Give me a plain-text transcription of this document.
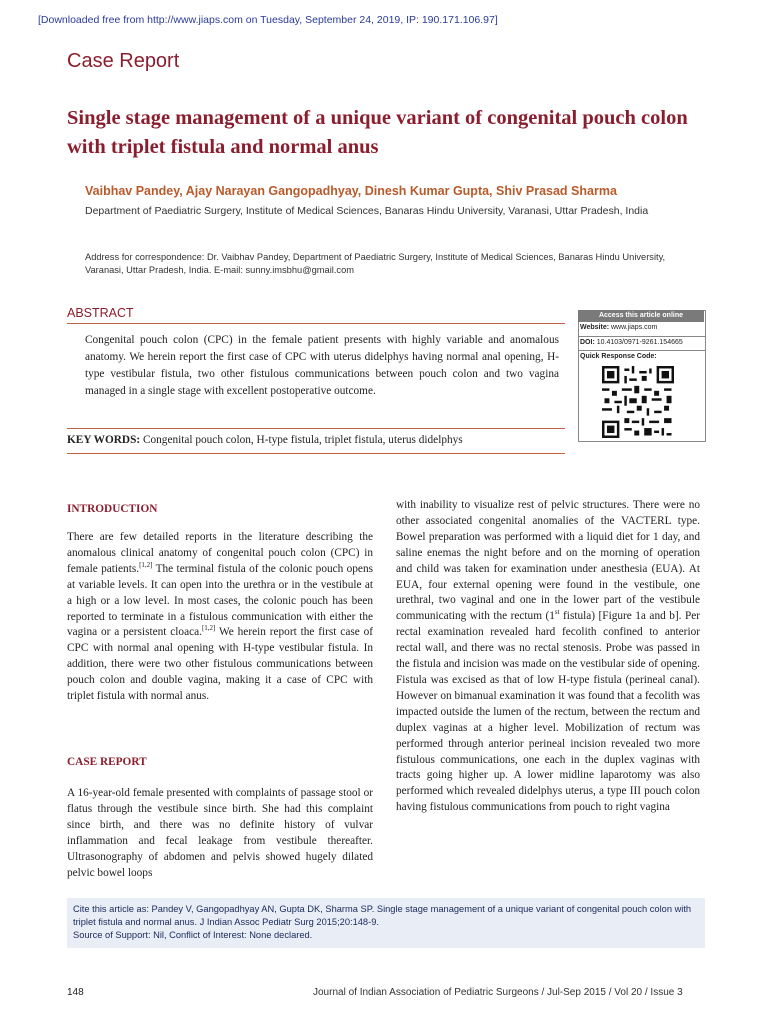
[Downloaded free from http://www.jiaps.com on Tuesday, September 24, 2019, IP: 190.171.106.97]
Case Report
Single stage management of a unique variant of congenital pouch colon with triplet fistula and normal anus
Vaibhav Pandey, Ajay Narayan Gangopadhyay, Dinesh Kumar Gupta, Shiv Prasad Sharma
Department of Paediatric Surgery, Institute of Medical Sciences, Banaras Hindu University, Varanasi, Uttar Pradesh, India
Address for correspondence: Dr. Vaibhav Pandey, Department of Paediatric Surgery, Institute of Medical Sciences, Banaras Hindu University, Varanasi, Uttar Pradesh, India. E-mail: sunny.imsbhu@gmail.com
ABSTRACT
Congenital pouch colon (CPC) in the female patient presents with highly variable and anomalous anatomy. We herein report the first case of CPC with uterus didelphys having normal anal opening, H-type vestibular fistula, two other fistulous communications between pouch colon and two vagina managed in a single stage with excellent postoperative outcome.
Access this article online
Website: www.jiaps.com
DOI: 10.4103/0971-9261.154665
Quick Response Code:
KEY WORDS: Congenital pouch colon, H-type fistula, triplet fistula, uterus didelphys
INTRODUCTION
There are few detailed reports in the literature describing the anomalous clinical anatomy of congenital pouch colon (CPC) in female patients.[1,2] The terminal fistula of the colonic pouch opens at variable levels. It can open into the urethra or in the vestibule at a high or a low level. In most cases, the colonic pouch has been reported to terminate in a fistulous communication with either the vagina or a persistent cloaca.[1,2] We herein report the first case of CPC with normal anal opening with H-type vestibular fistula. In addition, there were two other fistulous communications between pouch colon and double vagina, making it a case of CPC with triplet fistula with normal anus.
CASE REPORT
A 16-year-old female presented with complaints of passage stool or flatus through the vestibule since birth. She had this complaint since birth, and there was no definite history of vulvar inflammation and fecal leakage from vestibule thereafter. Ultrasonography of abdomen and pelvis showed hugely dilated pelvic bowel loops
with inability to visualize rest of pelvic structures. There were no other associated congenital anomalies of the VACTERL type. Bowel preparation was performed with a liquid diet for 1 day, and saline enemas the night before and on the morning of operation and child was taken for examination under anesthesia (EUA). At EUA, four external opening were found in the vestibule, one urethral, two vaginal and one in the lower part of the vestibule communicating with the rectum (1st fistula) [Figure 1a and b]. Per rectal examination revealed hard fecolith confined to anterior rectal wall, and there was no rectal stenosis. Probe was passed in the fistula and incision was made on the vestibular side of opening. Fistula was excised as that of low H-type fistula (perineal canal). However on bimanual examination it was found that a fecolith was impacted outside the lumen of the rectum, between the rectum and duplex vaginas at a higher level. Mobilization of rectum was performed through anterior perineal incision revealed two more fistulous communications, one each in the duplex vaginas with tracts going higher up. A lower midline laparotomy was also performed which revealed didelphys uterus, a type III pouch colon having fistulous communications from pouch to right vagina
Cite this article as: Pandey V, Gangopadhyay AN, Gupta DK, Sharma SP. Single stage management of a unique variant of congenital pouch colon with triplet fistula and normal anus. J Indian Assoc Pediatr Surg 2015;20:148-9.
Source of Support: Nil, Conflict of Interest: None declared.
148	Journal of Indian Association of Pediatric Surgeons / Jul-Sep 2015 / Vol 20 / Issue 3
